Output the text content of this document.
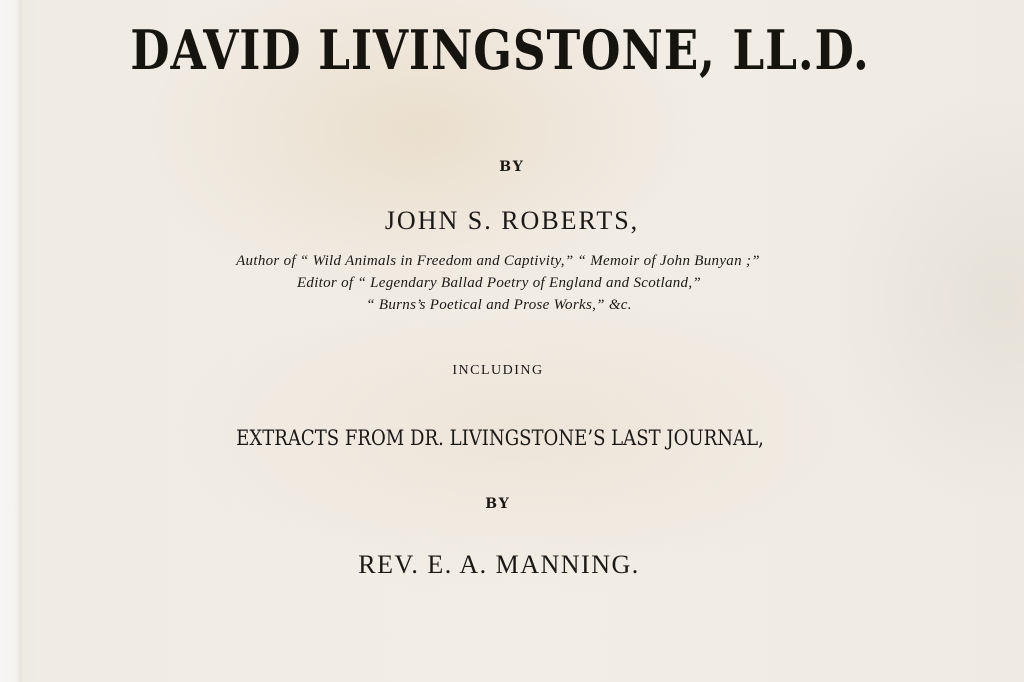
DAVID LIVINGSTONE, LL.D.
BY
JOHN S. ROBERTS,
Author of “ Wild Animals in Freedom and Captivity,” “ Memoir of John Bunyan ;”
Editor of “ Legendary Ballad Poetry of England and Scotland,”
“ Burns’s Poetical and Prose Works,” &c.
INCLUDING
EXTRACTS FROM DR. LIVINGSTONE’S LAST JOURNAL,
BY
REV. E. A. MANNING.
